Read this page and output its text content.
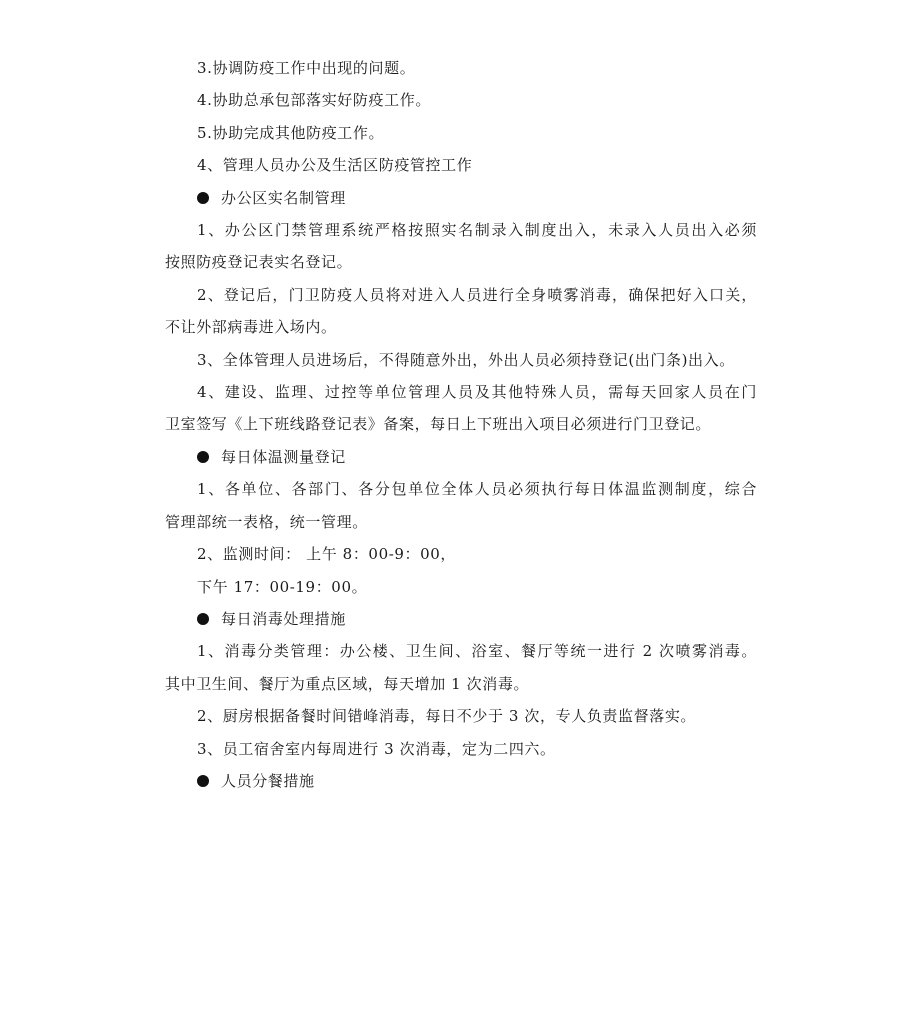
3.协调防疫工作中出现的问题。
4.协助总承包部落实好防疫工作。
5.协助完成其他防疫工作。
4、管理人员办公及生活区防疫管控工作
办公区实名制管理
1、办公区门禁管理系统严格按照实名制录入制度出入，未录入人员出入必须
按照防疫登记表实名登记。
2、登记后，门卫防疫人员将对进入人员进行全身喷雾消毒，确保把好入口关，
不让外部病毒进入场内。
3、全体管理人员进场后，不得随意外出，外出人员必须持登记(出门条)出入。
4、建设、监理、过控等单位管理人员及其他特殊人员，需每天回家人员在门
卫室签写《上下班线路登记表》备案，每日上下班出入项目必须进行门卫登记。
每日体温测量登记
1、各单位、各部门、各分包单位全体人员必须执行每日体温监测制度，综合
管理部统一表格，统一管理。
2、监测时间： 上午 8：00-9：00，
下午 17：00-19：00。
每日消毒处理措施
1、消毒分类管理：办公楼、卫生间、浴室、餐厅等统一进行 2 次喷雾消毒。
其中卫生间、餐厅为重点区域，每天增加 1 次消毒。
2、厨房根据备餐时间错峰消毒，每日不少于 3 次，专人负责监督落实。
3、员工宿舍室内每周进行 3 次消毒，定为二四六。
人员分餐措施
